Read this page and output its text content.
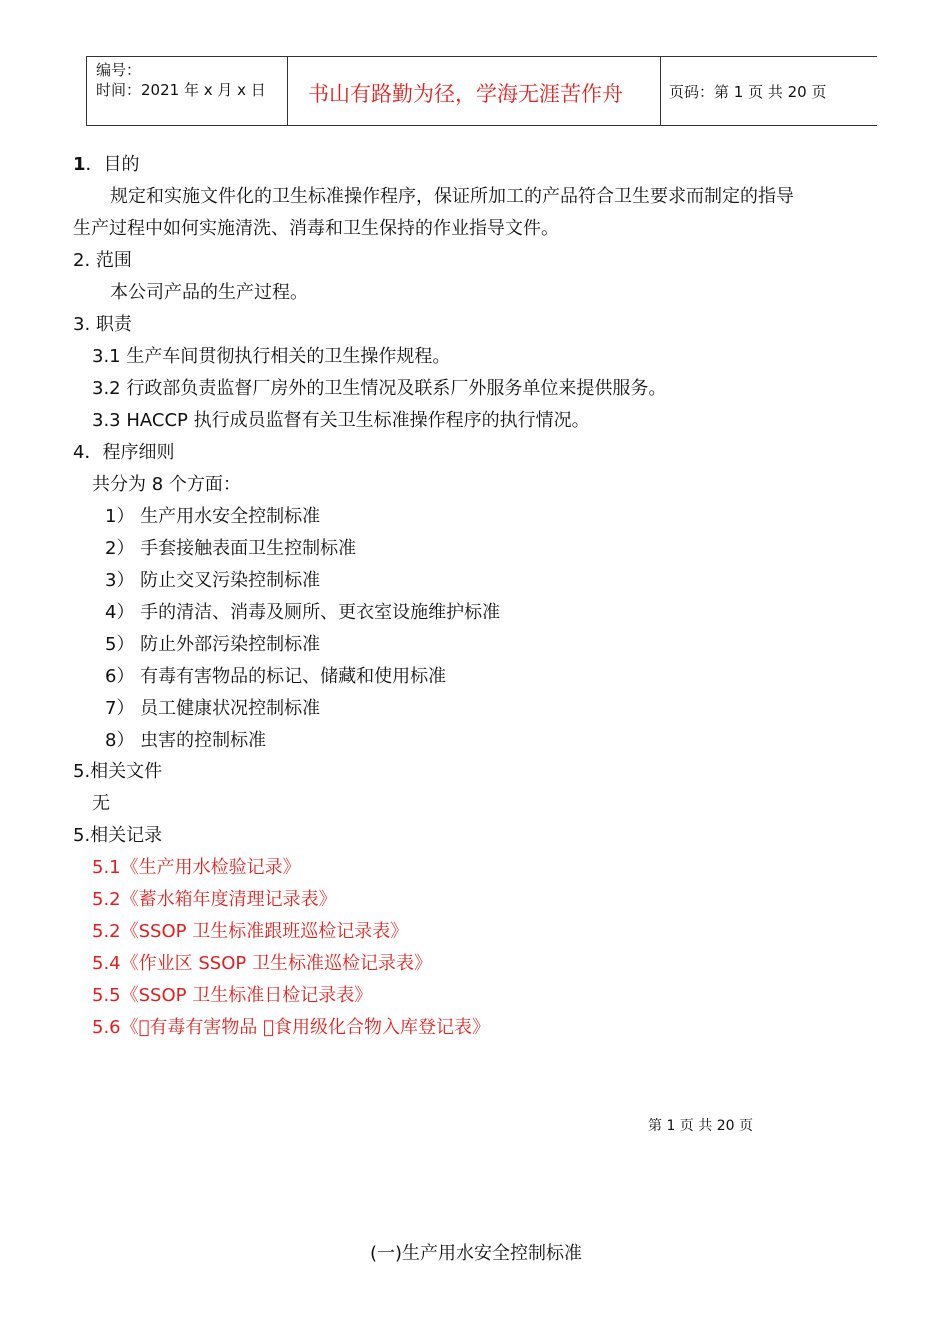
编号：
时间：2021 年 x 月 x 日 书山有路勤为径，学海无涯苦作舟	页码：第 1 页 共 20 页
1．目的
规定和实施文件化的卫生标准操作程序，保证所加工的产品符合卫生要求而制定的指导
生产过程中如何实施清洗、消毒和卫生保持的作业指导文件。
2. 范围
本公司产品的生产过程。
3. 职责
3.1 生产车间贯彻执行相关的卫生操作规程。
3.2 行政部负责监督厂房外的卫生情况及联系厂外服务单位来提供服务。
3.3 HACCP 执行成员监督有关卫生标准操作程序的执行情况。
4．程序细则
共分为 8 个方面：
1） 生产用水安全控制标准
2） 手套接触表面卫生控制标准
3） 防止交叉污染控制标准
4） 手的清洁、消毒及厕所、更衣室设施维护标准
5） 防止外部污染控制标准
6） 有毒有害物品的标记、储藏和使用标准
7） 员工健康状况控制标准
8） 虫害的控制标准
5.相关文件
无
5.相关记录
5.1《生产用水检验记录》
5.2《蓄水箱年度清理记录表》
5.2《SSOP 卫生标准跟班巡检记录表》
5.4《作业区 SSOP 卫生标准巡检记录表》
5.5《SSOP 卫生标准日检记录表》
5.6《 有毒有害物品 食用级化合物入库登记表》
第 1 页 共 20 页
(一)生产用水安全控制标准
